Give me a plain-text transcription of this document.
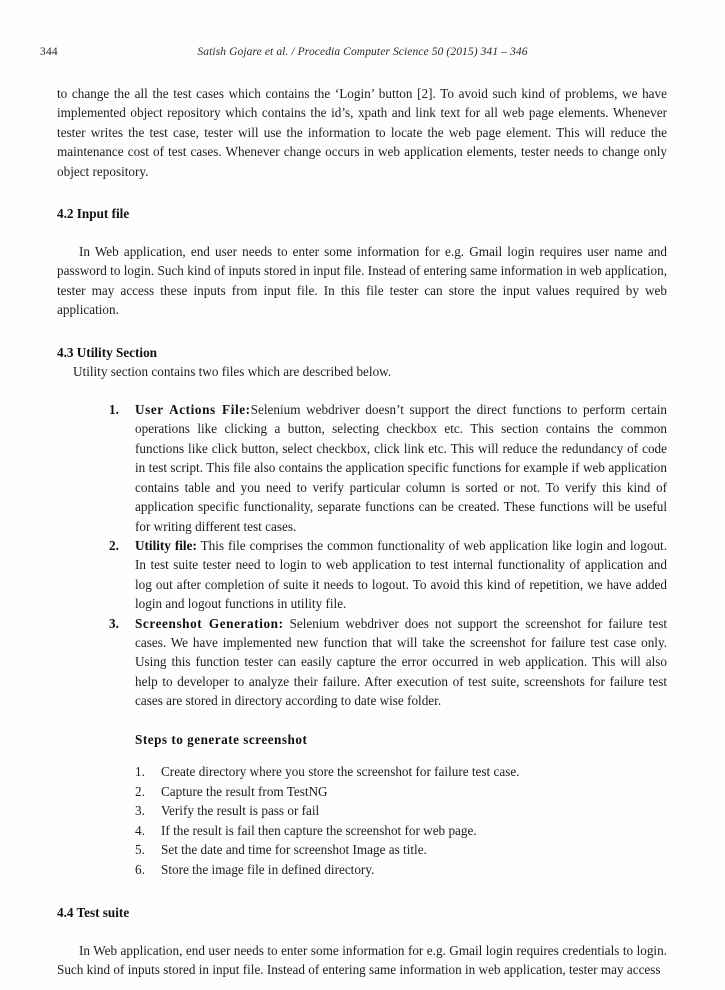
344	Satish Gojare et al. / Procedia Computer Science 50 (2015) 341 – 346

to change the all the test cases which contains the ‘Login’ button [2]. To avoid such kind of problems, we have implemented object repository which contains the id’s, xpath and link text for all web page elements. Whenever tester writes the test case, tester will use the information to locate the web page element. This will reduce the maintenance cost of test cases. Whenever change occurs in web application elements, tester needs to change only object repository.

4.2 Input file

In Web application, end user needs to enter some information for e.g. Gmail login requires user name and password to login. Such kind of inputs stored in input file. Instead of entering same information in web application, tester may access these inputs from input file. In this file tester can store the input values required by web application.

4.3 Utility Section

Utility section contains two files which are described below.

1. User Actions File:Selenium webdriver doesn’t support the direct functions to perform certain operations like clicking a button, selecting checkbox etc. This section contains the common functions like click button, select checkbox, click link etc. This will reduce the redundancy of code in test script. This file also contains the application specific functions for example if web application contains table and you need to verify particular column is sorted or not. To verify this kind of application specific functionality, separate functions can be created. These functions will be useful for writing different test cases.
2. Utility file: This file comprises the common functionality of web application like login and logout. In test suite tester need to login to web application to test internal functionality of application and log out after completion of suite it needs to logout. To avoid this kind of repetition, we have added login and logout functions in utility file.
3. Screenshot Generation: Selenium webdriver does not support the screenshot for failure test cases. We have implemented new function that will take the screenshot for failure test case only. Using this function tester can easily capture the error occurred in web application. This will also help to developer to analyze their failure. After execution of test suite, screenshots for failure test cases are stored in directory according to date wise folder.
Steps to generate screenshot
1. Create directory where you store the screenshot for failure test case.
2. Capture the result from TestNG
3. Verify the result is pass or fail
4. If the result is fail then capture the screenshot for web page.
5. Set the date and time for screenshot Image as title.
6. Store the image file in defined directory.
4.4 Test suite

In Web application, end user needs to enter some information for e.g. Gmail login requires credentials to login. Such kind of inputs stored in input file. Instead of entering same information in web application, tester may access
